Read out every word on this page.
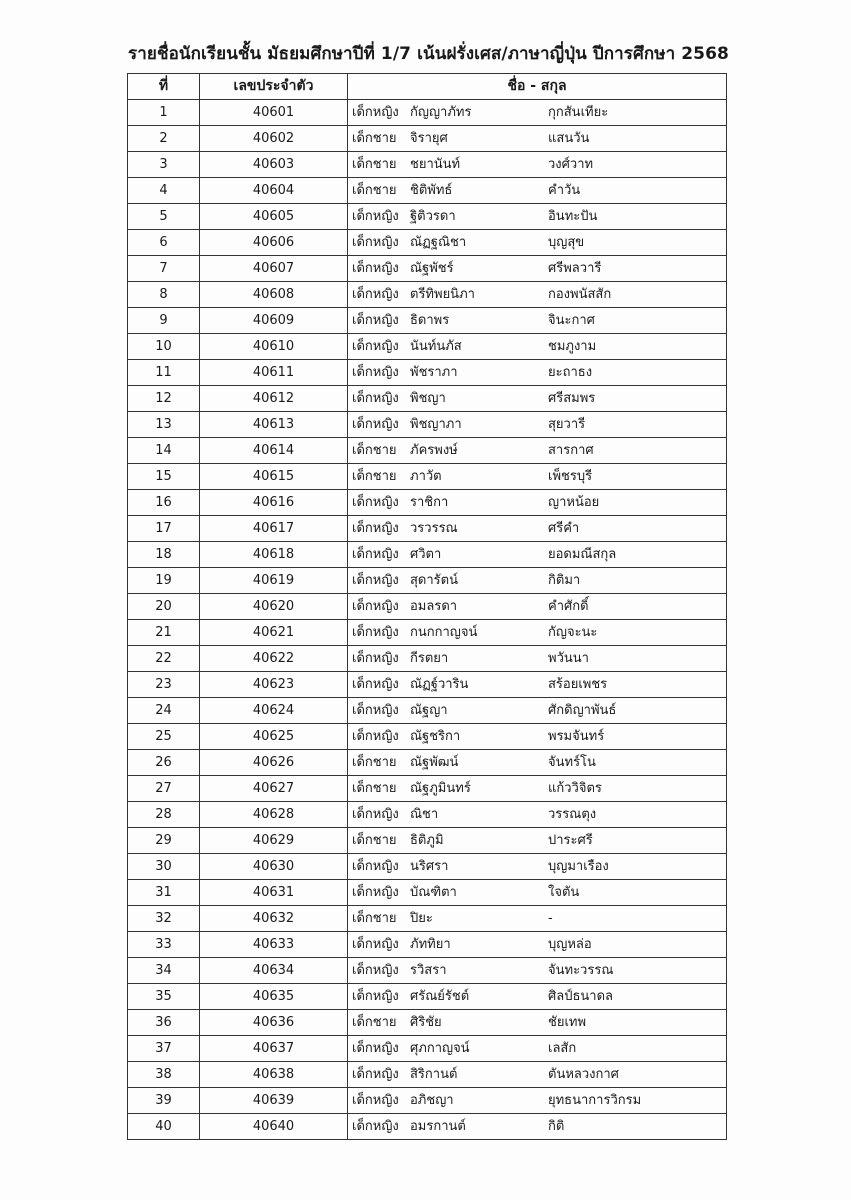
รายชื่อนักเรียนชั้น มัธยมศึกษาปีที่ 1/7 เน้นฝรั่งเศส/ภาษาญี่ปุ่น ปีการศึกษา 2568
ที่	เลขประจำตัว	ชื่อ - สกุล
1	40601	เด็กหญิง กัญญาภัทร กุกสันเทียะ
2	40602	เด็กชาย จิรายุศ แสนวัน
3	40603	เด็กชาย ชยานันท์ วงศ์วาท
4	40604	เด็กชาย ชิติพัทธ์ คำวัน
5	40605	เด็กหญิง ฐิติวรดา อินทะปัน
6	40606	เด็กหญิง ณัฏฐณิชา บุญสุข
7	40607	เด็กหญิง ณัฐพัชร์ ศรีพลวารี
8	40608	เด็กหญิง ตรีทิพยนิภา กองพนัสสัก
9	40609	เด็กหญิง ธิดาพร จินะกาศ
10	40610	เด็กหญิง นันท์นภัส ชมภูงาม
11	40611	เด็กหญิง พัชราภา ยะถาธง
12	40612	เด็กหญิง พิชญา ศรีสมพร
13	40613	เด็กหญิง พิชญาภา สุยวารี
14	40614	เด็กชาย ภัครพงษ์ สารกาศ
15	40615	เด็กชาย ภาวัต เพ็ชรบุรี
16	40616	เด็กหญิง ราชิกา ญาหน้อย
17	40617	เด็กหญิง วรวรรณ ศรีคำ
18	40618	เด็กหญิง ศวิตา ยอดมณีสกุล
19	40619	เด็กหญิง สุดารัตน์ กิติมา
20	40620	เด็กหญิง อมลรดา คำศักดิ์
21	40621	เด็กหญิง กนกกาญจน์ กัญจะนะ
22	40622	เด็กหญิง กีรตยา พวันนา
23	40623	เด็กหญิง ณัฏฐ์วาริน สร้อยเพชร
24	40624	เด็กหญิง ณัฐญา ศักดิญาพันธ์
25	40625	เด็กหญิง ณัฐชริกา พรมจันทร์
26	40626	เด็กชาย ณัฐพัฒน์ จันทร์โน
27	40627	เด็กชาย ณัฐภูมินทร์ แก้ววิจิตร
28	40628	เด็กหญิง ณิชา วรรณตุง
29	40629	เด็กชาย ธิติภูมิ ปาระศรี
30	40630	เด็กหญิง นริศรา บุญมาเรือง
31	40631	เด็กหญิง บัณฑิตา ใจตัน
32	40632	เด็กชาย ปิยะ -
33	40633	เด็กหญิง ภัททิยา บุญหล่อ
34	40634	เด็กหญิง รวิสรา จันทะวรรณ
35	40635	เด็กหญิง ศรัณย์รัชต์ ศิลป์ธนาดล
36	40636	เด็กชาย ศิริชัย ชัยเทพ
37	40637	เด็กหญิง ศุภกาญจน์ เลสัก
38	40638	เด็กหญิง สิริกานต์ ตันหลวงกาศ
39	40639	เด็กหญิง อภิชญา ยุทธนาการวิกรม
40	40640	เด็กหญิง อมรกานต์ กิติ
